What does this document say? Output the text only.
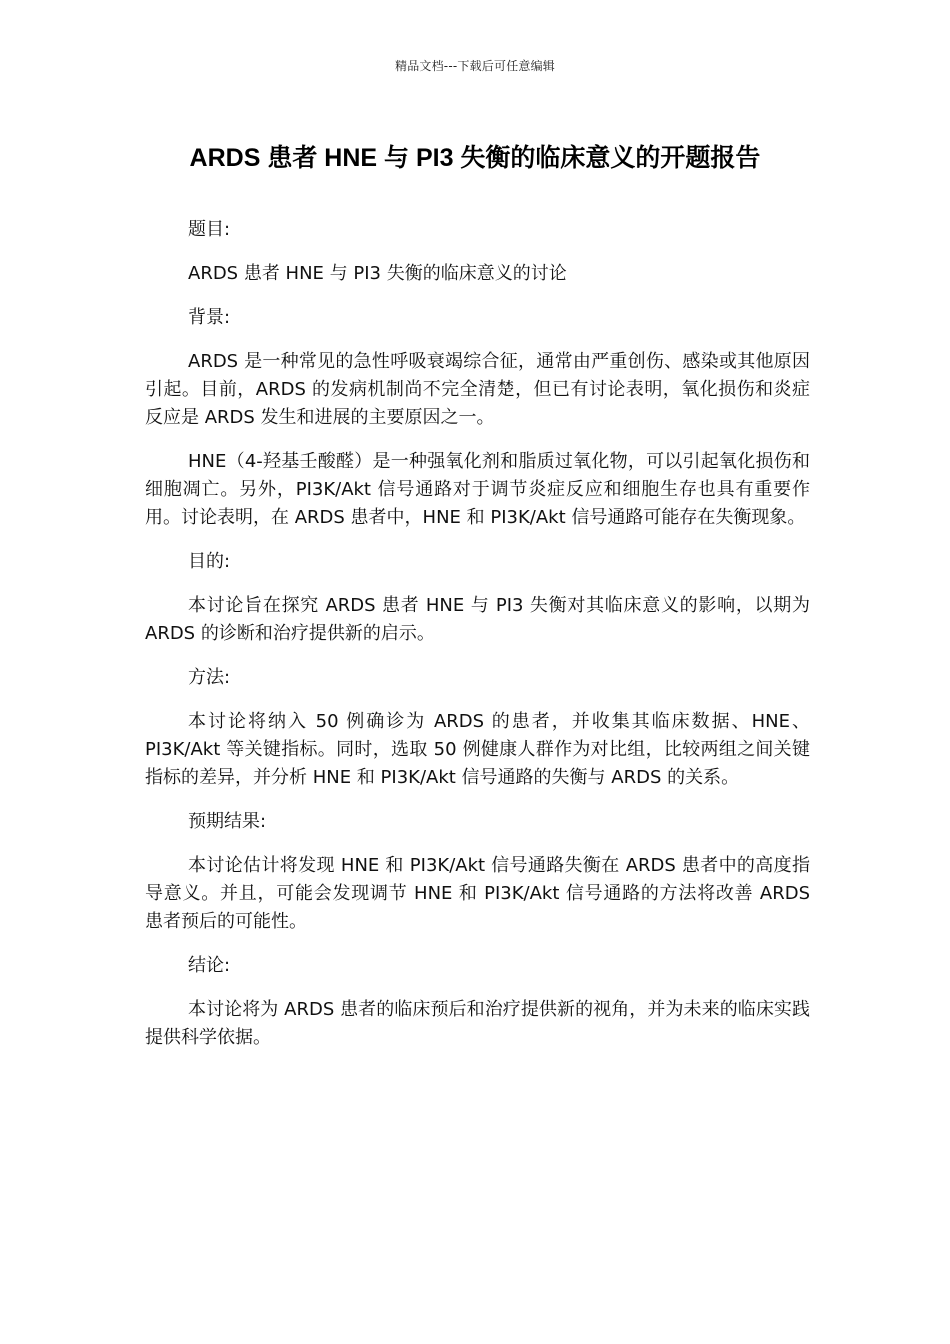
精品文档---下载后可任意编辑
ARDS 患者 HNE 与 PI3 失衡的临床意义的开题报告

题目:

ARDS 患者 HNE 与 PI3 失衡的临床意义的讨论

背景:

ARDS 是一种常见的急性呼吸衰竭综合征，通常由严重创伤、感染或其他原因引起。目前，ARDS 的发病机制尚不完全清楚，但已有讨论表明，氧化损伤和炎症反应是 ARDS 发生和进展的主要原因之一。

HNE（4-羟基壬酸醛）是一种强氧化剂和脂质过氧化物，可以引起氧化损伤和细胞凋亡。另外，PI3K/Akt 信号通路对于调节炎症反应和细胞生存也具有重要作用。讨论表明，在 ARDS 患者中，HNE 和 PI3K/Akt 信号通路可能存在失衡现象。

目的:

本讨论旨在探究 ARDS 患者 HNE 与 PI3 失衡对其临床意义的影响，以期为 ARDS 的诊断和治疗提供新的启示。

方法:

本讨论将纳入 50 例确诊为 ARDS 的患者，并收集其临床数据、HNE、PI3K/Akt 等关键指标。同时，选取 50 例健康人群作为对比组，比较两组之间关键指标的差异，并分析 HNE 和 PI3K/Akt 信号通路的失衡与 ARDS 的关系。

预期结果:

本讨论估计将发现 HNE 和 PI3K/Akt 信号通路失衡在 ARDS 患者中的高度指导意义。并且，可能会发现调节 HNE 和 PI3K/Akt 信号通路的方法将改善 ARDS 患者预后的可能性。

结论:

本讨论将为 ARDS 患者的临床预后和治疗提供新的视角，并为未来的临床实践提供科学依据。
